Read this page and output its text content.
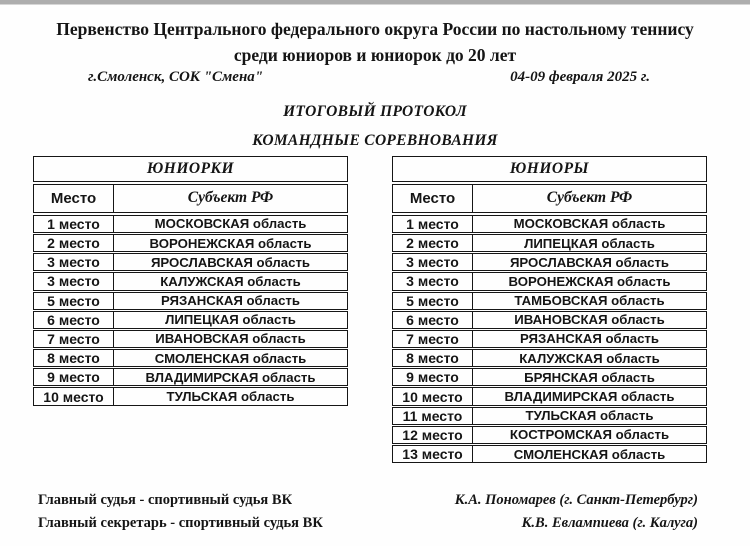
Первенство Центрального федерального округа России по настольному теннису
среди юниоров и юниорок до 20 лет
г.Смоленск, СОК "Смена"	04-09 февраля 2025 г.
ИТОГОВЫЙ ПРОТОКОЛ
КОМАНДНЫЕ СОРЕВНОВАНИЯ
ЮНИОРКИ
Место	Субъект РФ
1 место	МОСКОВСКАЯ область
2 место	ВОРОНЕЖСКАЯ область
3 место	ЯРОСЛАВСКАЯ область
3 место	КАЛУЖСКАЯ область
5 место	РЯЗАНСКАЯ область
6 место	ЛИПЕЦКАЯ область
7 место	ИВАНОВСКАЯ область
8 место	СМОЛЕНСКАЯ область
9 место	ВЛАДИМИРСКАЯ область
10 место	ТУЛЬСКАЯ область
ЮНИОРЫ
Место	Субъект РФ
1 место	МОСКОВСКАЯ область
2 место	ЛИПЕЦКАЯ область
3 место	ЯРОСЛАВСКАЯ область
3 место	ВОРОНЕЖСКАЯ область
5 место	ТАМБОВСКАЯ область
6 место	ИВАНОВСКАЯ область
7 место	РЯЗАНСКАЯ область
8 место	КАЛУЖСКАЯ область
9 место	БРЯНСКАЯ область
10 место	ВЛАДИМИРСКАЯ область
11 место	ТУЛЬСКАЯ область
12 место	КОСТРОМСКАЯ область
13 место	СМОЛЕНСКАЯ область
Главный судья - спортивный судья ВК	К.А. Пономарев (г. Санкт-Петербург)
Главный секретарь - спортивный судья ВК	К.В. Евлампиева (г. Калуга)
